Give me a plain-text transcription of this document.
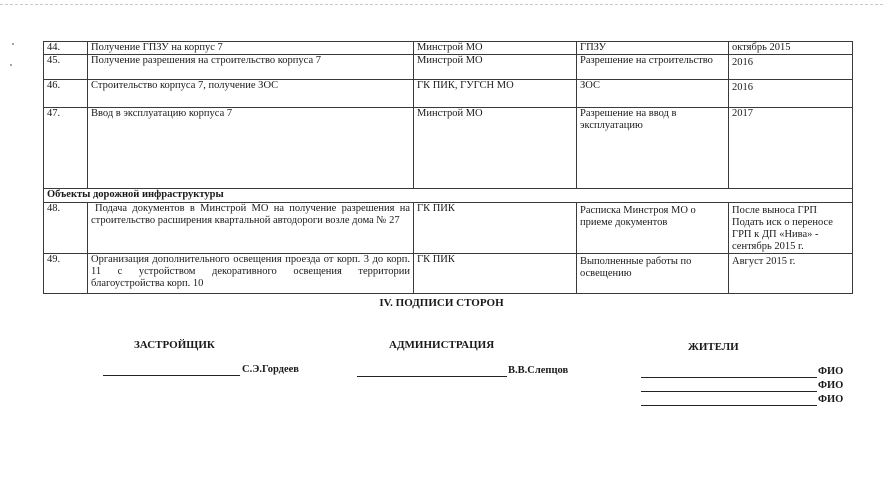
44.	Получение ГПЗУ на корпус 7	Минстрой МО	ГПЗУ	октябрь 2015
45.	Получение разрешения на строительство корпуса 7	Минстрой МО	Разрешение на строительство	2016
46.	Строительство корпуса 7, получение ЗОС	ГК ПИК, ГУГСН МО	ЗОС	2016
47.	Ввод в эксплуатацию корпуса 7	Минстрой МО	Разрешение на ввод в эксплуатацию	2017
Объекты дорожной инфраструктуры				
48.	Подача документов в Минстрой МО на получение разрешения на строительство расширения квартальной автодороги возле дома № 27	ГК ПИК	Расписка Минстроя МО о приеме документов	После выноса ГРП Подать иск о переносе ГРП к ДП «Нива» - сентябрь 2015 г.
49.	Организация дополнительного освещения проезда от корп. 3 до корп. 11 с устройством декоративного освещения территории благоустройства корп. 10	ГК ПИК	Выполненные работы по освещению	Август 2015 г.
IV. ПОДПИСИ СТОРОН
ЗАСТРОЙЩИК	АДМИНИСТРАЦИЯ	ЖИТЕЛИ
С.Э.Гордеев	В.В.Слепцов	ФИО
ФИО
ФИО
